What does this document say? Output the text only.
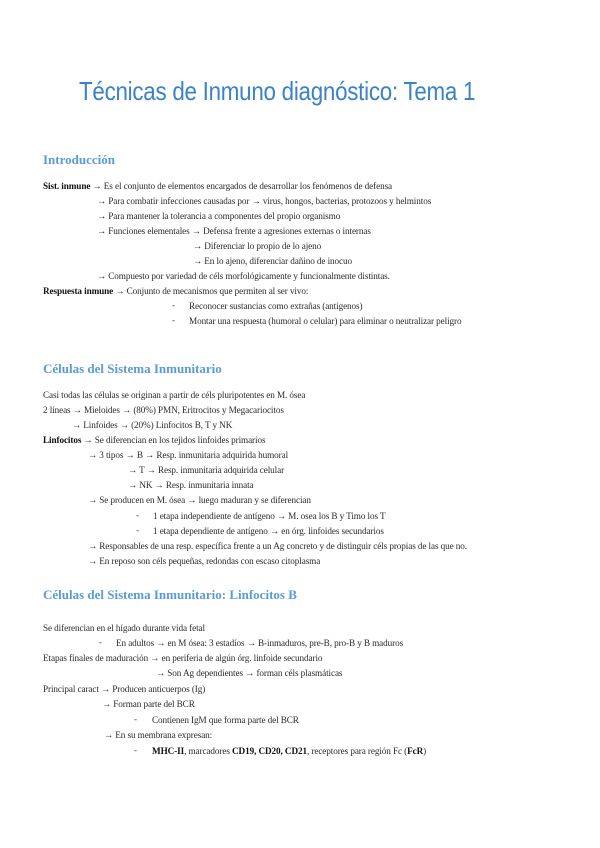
Técnicas de Inmuno diagnóstico: Tema 1
Introducción
Sist. inmune → Es el conjunto de elementos encargados de desarrollar los fenómenos de defensa
→ Para combatir infecciones causadas por → virus, hongos, bacterias, protozoos y helmintos
→ Para mantener la tolerancia a componentes del propio organismo
→ Funciones elementales → Defensa frente a agresiones externas o internas
→ Diferenciar lo propio de lo ajeno
→ En lo ajeno, diferenciar dañino de inocuo
→ Compuesto por variedad de céls morfológicamente y funcionalmente distintas.
Respuesta inmune → Conjunto de mecanismos que permiten al ser vivo:
- Reconocer sustancias como extrañas (antígenos)
- Montar una respuesta (humoral o celular) para eliminar o neutralizar peligro
Células del Sistema Inmunitario
Casi todas las células se originan a partir de céls pluripotentes en M. ósea
2 líneas → Mieloides → (80%) PMN, Eritrocitos y Megacariocitos
→ Linfoides → (20%) Linfocitos B, T y NK
Linfocitos → Se diferencian en los tejidos linfoides primarios
→ 3 tipos → B → Resp. inmunitaria adquirida humoral
→ T → Resp. inmunitaria adquirida celular
→ NK → Resp. inmunitaria innata
→ Se producen en M. ósea → luego maduran y se diferencian
- 1 etapa independiente de antígeno → M. osea los B y Timo los T
- 1 etapa dependiente de antígeno → en órg. linfoides secundarios
→ Responsables de una resp. específica frente a un Ag concreto y de distinguir céls propias de las que no.
→ En reposo son céls pequeñas, redondas con escaso citoplasma
Células del Sistema Inmunitario: Linfocitos B
Se diferencian en el hígado durante vida fetal
- En adultos → en M ósea: 3 estadíos → B-inmaduros, pre-B, pro-B y B maduros
Etapas finales de maduración → en periferia de algún órg. linfoide secundario
→ Son Ag dependientes → forman céls plasmáticas
Principal caract → Producen anticuerpos (Ig)
→ Forman parte del BCR
- Contienen IgM que forma parte del BCR
→ En su membrana expresan:
- MHC-II, marcadores CD19, CD20, CD21, receptores para región Fc (FcR)
